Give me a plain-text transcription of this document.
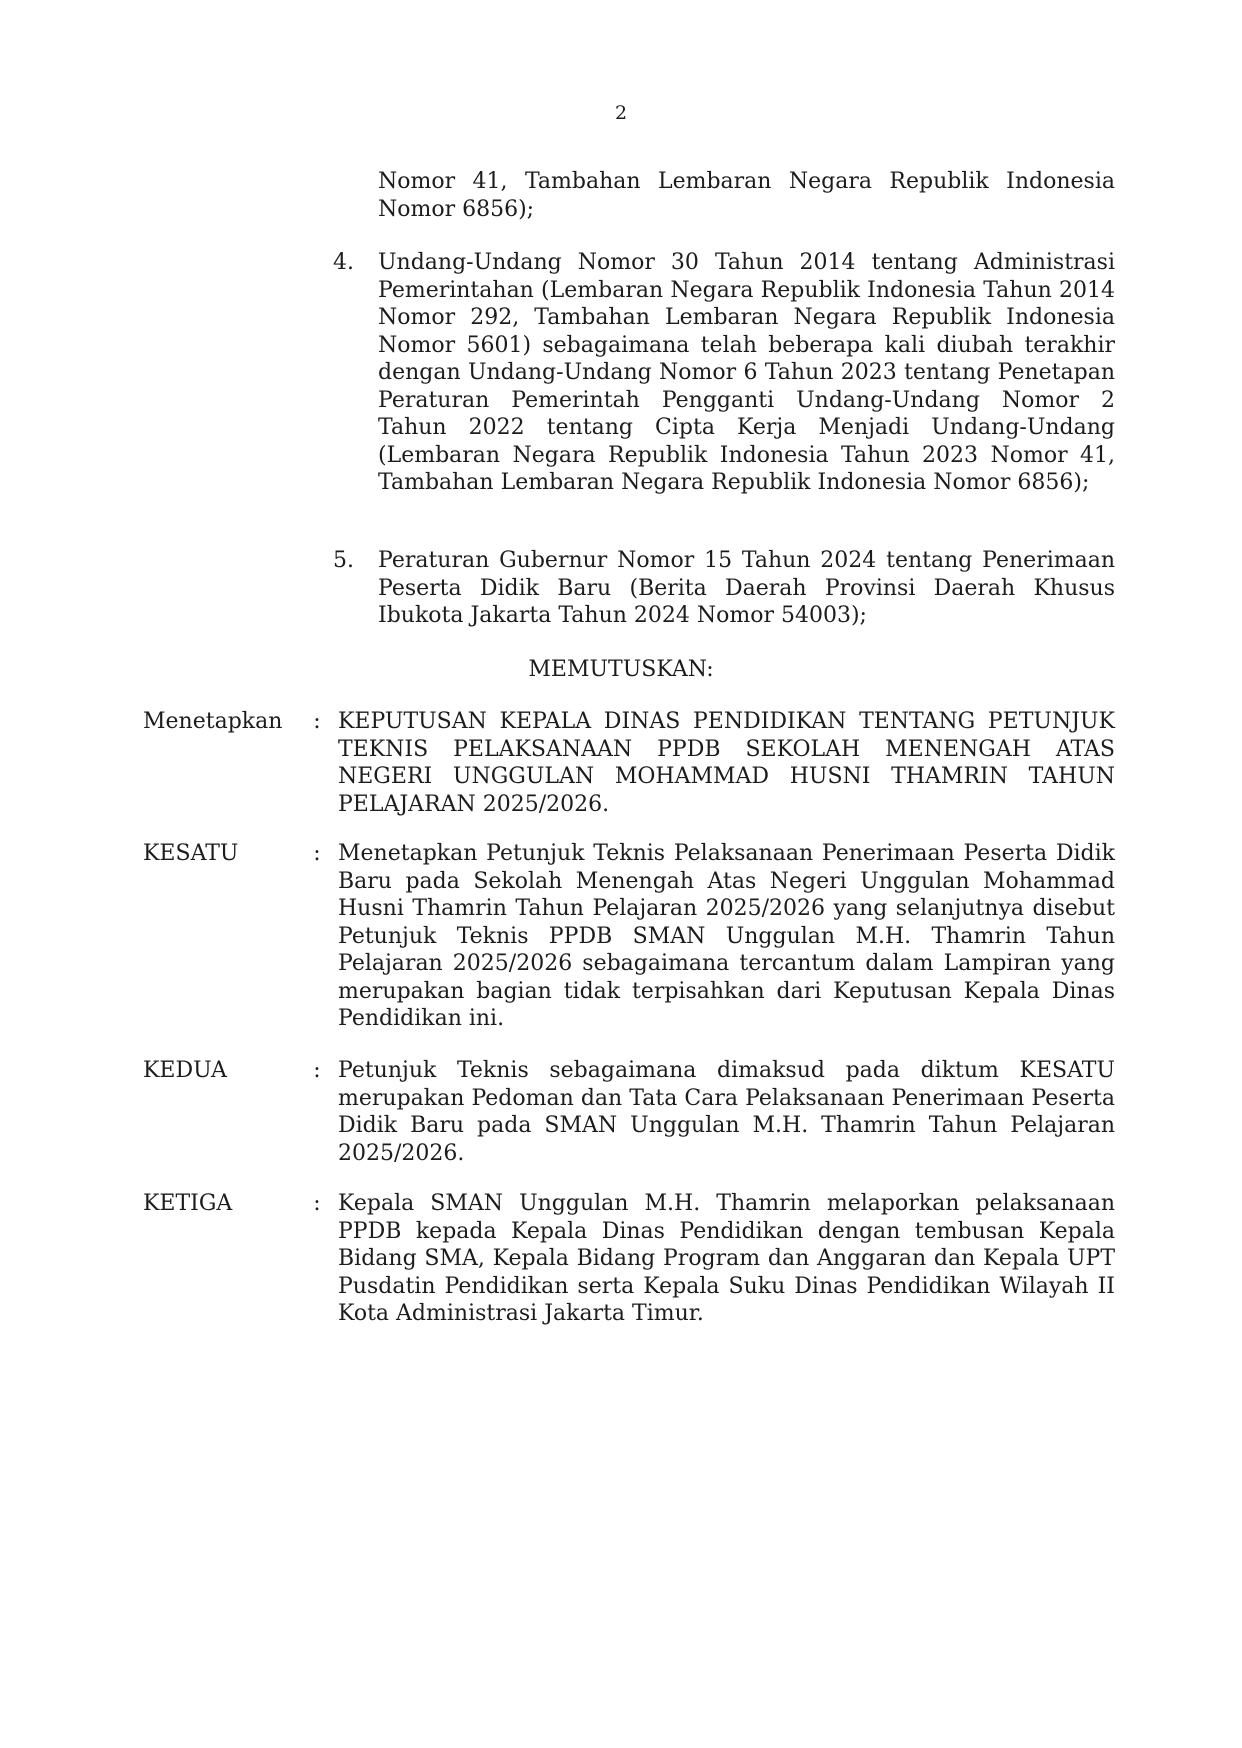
2
Nomor 41, Tambahan Lembaran Negara Republik Indonesia Nomor 6856);
4.	Undang-Undang Nomor 30 Tahun 2014 tentang Administrasi Pemerintahan (Lembaran Negara Republik Indonesia Tahun 2014 Nomor 292, Tambahan Lembaran Negara Republik Indonesia Nomor 5601) sebagaimana telah beberapa kali diubah terakhir dengan Undang-Undang Nomor 6 Tahun 2023 tentang Penetapan Peraturan Pemerintah Pengganti Undang-Undang Nomor 2 Tahun 2022 tentang Cipta Kerja Menjadi Undang-Undang (Lembaran Negara Republik Indonesia Tahun 2023 Nomor 41, Tambahan Lembaran Negara Republik Indonesia Nomor 6856);
5.	Peraturan Gubernur Nomor 15 Tahun 2024 tentang Penerimaan Peserta Didik Baru (Berita Daerah Provinsi Daerah Khusus Ibukota Jakarta Tahun 2024 Nomor 54003);
MEMUTUSKAN:
Menetapkan	: KEPUTUSAN KEPALA DINAS PENDIDIKAN TENTANG PETUNJUK TEKNIS PELAKSANAAN PPDB SEKOLAH MENENGAH ATAS NEGERI UNGGULAN MOHAMMAD HUSNI THAMRIN TAHUN PELAJARAN 2025/2026.
KESATU	: Menetapkan Petunjuk Teknis Pelaksanaan Penerimaan Peserta Didik Baru pada Sekolah Menengah Atas Negeri Unggulan Mohammad Husni Thamrin Tahun Pelajaran 2025/2026 yang selanjutnya disebut Petunjuk Teknis PPDB SMAN Unggulan M.H. Thamrin Tahun Pelajaran 2025/2026 sebagaimana tercantum dalam Lampiran yang merupakan bagian tidak terpisahkan dari Keputusan Kepala Dinas Pendidikan ini.
KEDUA	: Petunjuk Teknis sebagaimana dimaksud pada diktum KESATU merupakan Pedoman dan Tata Cara Pelaksanaan Penerimaan Peserta Didik Baru pada SMAN Unggulan M.H. Thamrin Tahun Pelajaran 2025/2026.
KETIGA	: Kepala SMAN Unggulan M.H. Thamrin melaporkan pelaksanaan PPDB kepada Kepala Dinas Pendidikan dengan tembusan Kepala Bidang SMA, Kepala Bidang Program dan Anggaran dan Kepala UPT Pusdatin Pendidikan serta Kepala Suku Dinas Pendidikan Wilayah II Kota Administrasi Jakarta Timur.
